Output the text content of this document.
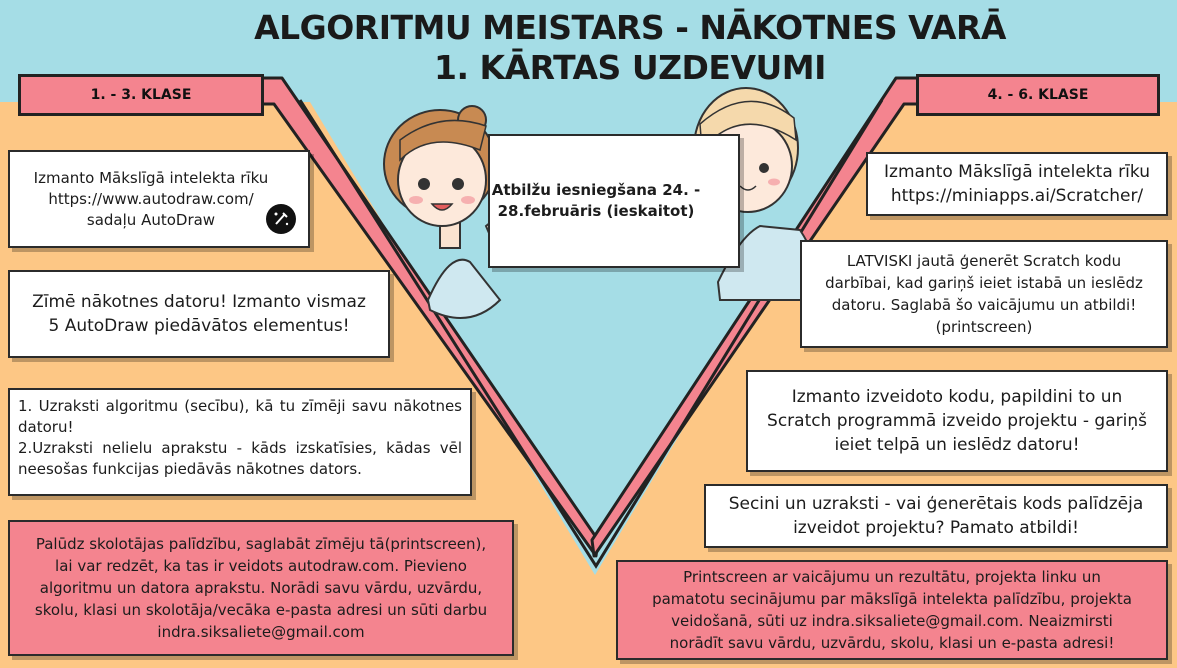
ALGORITMU MEISTARS - NĀKOTNES VARĀ
1. KĀRTAS UZDEVUMI
1. - 3. KLASE	4. - 6. KLASE
Atbilžu iesniegšana 24. -
28.februāris (ieskaitot)
Izmanto Mākslīgā intelekta rīku
https://www.autodraw.com/
sadaļu AutoDraw
Zīmē nākotnes datoru! Izmanto vismaz
5 AutoDraw piedāvātos elementus!
1. Uzraksti algoritmu (secību), kā tu zīmēji savu nākotnes datoru!
2.Uzraksti nelielu aprakstu - kāds izskatīsies, kādas vēl neesošas funkcijas piedāvās nākotnes dators.
Palūdz skolotājas palīdzību, saglabāt zīmēju tā(printscreen),
lai var redzēt, ka tas ir veidots autodraw.com. Pievieno
algoritmu un datora aprakstu. Norādi savu vārdu, uzvārdu,
skolu, klasi un skolotāja/vecāka e-pasta adresi un sūti darbu
indra.siksaliete@gmail.com
Izmanto Mākslīgā intelekta rīku
https://miniapps.ai/Scratcher/
LATVISKI jautā ģenerēt Scratch kodu
darbībai, kad gariņš ieiet istabā un ieslēdz
datoru. Saglabā šo vaicājumu un atbildi!
(printscreen)
Izmanto izveidoto kodu, papildini to un
Scratch programmā izveido projektu - gariņš
ieiet telpā un ieslēdz datoru!
Secini un uzraksti - vai ģenerētais kods palīdzēja
izveidot projektu? Pamato atbildi!
Printscreen ar vaicājumu un rezultātu, projekta linku un
pamatotu secinājumu par mākslīgā intelekta palīdzību, projekta
veidošanā, sūti uz indra.siksaliete@gmail.com. Neaizmirsti
norādīt savu vārdu, uzvārdu, skolu, klasi un e-pasta adresi!
